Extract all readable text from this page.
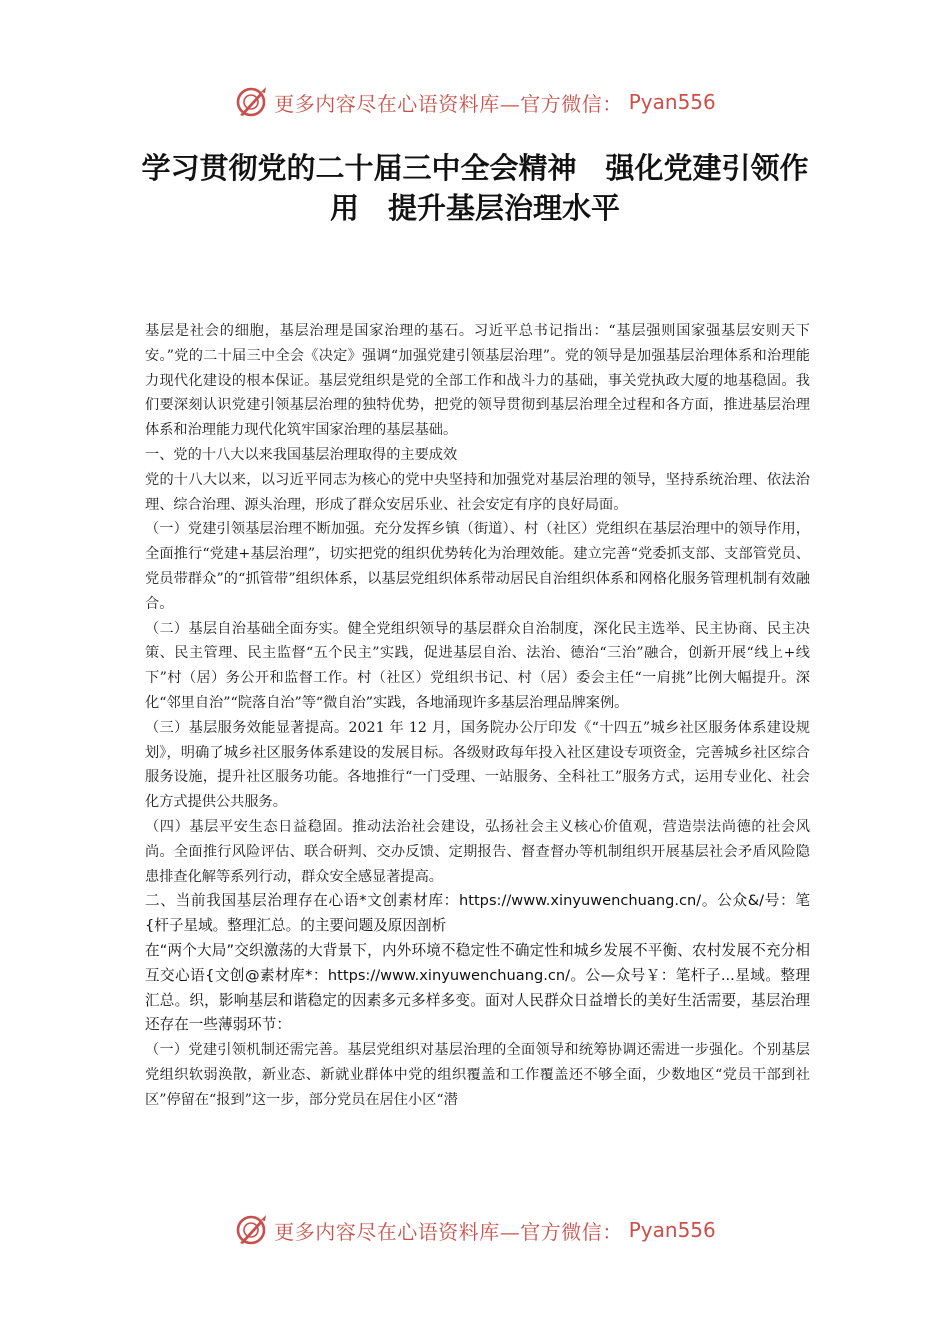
更多内容尽在心语资料库—官方微信： Pyan556
学习贯彻党的二十届三中全会精神　强化党建引领作用　提升基层治理水平

基层是社会的细胞，基层治理是国家治理的基石。习近平总书记指出：“基层强则国家强基层安则天下安。”党的二十届三中全会《决定》强调“加强党建引领基层治理”。党的领导是加强基层治理体系和治理能力现代化建设的根本保证。基层党组织是党的全部工作和战斗力的基础，事关党执政大厦的地基稳固。我们要深刻认识党建引领基层治理的独特优势，把党的领导贯彻到基层治理全过程和各方面，推进基层治理体系和治理能力现代化筑牢国家治理的基层基础。

一、党的十八大以来我国基层治理取得的主要成效

党的十八大以来，以习近平同志为核心的党中央坚持和加强党对基层治理的领导，坚持系统治理、依法治理、综合治理、源头治理，形成了群众安居乐业、社会安定有序的良好局面。

（一）党建引领基层治理不断加强。充分发挥乡镇（街道）、村（社区）党组织在基层治理中的领导作用，全面推行“党建+基层治理”，切实把党的组织优势转化为治理效能。建立完善“党委抓支部、支部管党员、党员带群众”的“抓管带”组织体系，以基层党组织体系带动居民自治组织体系和网格化服务管理机制有效融合。

（二）基层自治基础全面夯实。健全党组织领导的基层群众自治制度，深化民主选举、民主协商、民主决策、民主管理、民主监督“五个民主”实践，促进基层自治、法治、德治“三治”融合，创新开展“线上+线下”村（居）务公开和监督工作。村（社区）党组织书记、村（居）委会主任“一肩挑”比例大幅提升。深化“邻里自治”“院落自治”等“微自治”实践，各地涌现许多基层治理品牌案例。

（三）基层服务效能显著提高。2021 年 12 月，国务院办公厅印发《“十四五”城乡社区服务体系建设规划》，明确了城乡社区服务体系建设的发展目标。各级财政每年投入社区建设专项资金，完善城乡社区综合服务设施，提升社区服务功能。各地推行“一门受理、一站服务、全科社工”服务方式，运用专业化、社会化方式提供公共服务。

（四）基层平安生态日益稳固。推动法治社会建设，弘扬社会主义核心价值观，营造崇法尚德的社会风尚。全面推行风险评估、联合研判、交办反馈、定期报告、督查督办等机制组织开展基层社会矛盾风险隐患排查化解等系列行动，群众安全感显著提高。

二、当前我国基层治理存在心语*文创素材库：https://www.xinyuwenchuang.cn/。公众&/号：笔{杆子星域。整理汇总。的主要问题及原因剖析

在“两个大局”交织激荡的大背景下，内外环境不稳定性不确定性和城乡发展不平衡、农村发展不充分相互交心语{文创@素材库*：https://www.xinyuwenchuang.cn/。公—众号￥：笔杆子...星域。整理汇总。织，影响基层和谐稳定的因素多元多样多变。面对人民群众日益增长的美好生活需要，基层治理还存在一些薄弱环节：

（一）党建引领机制还需完善。基层党组织对基层治理的全面领导和统筹协调还需进一步强化。个别基层党组织软弱涣散，新业态、新就业群体中党的组织覆盖和工作覆盖还不够全面，少数地区“党员干部到社区”停留在“报到”这一步，部分党员在居住小区“潜

更多内容尽在心语资料库—官方微信： Pyan556
